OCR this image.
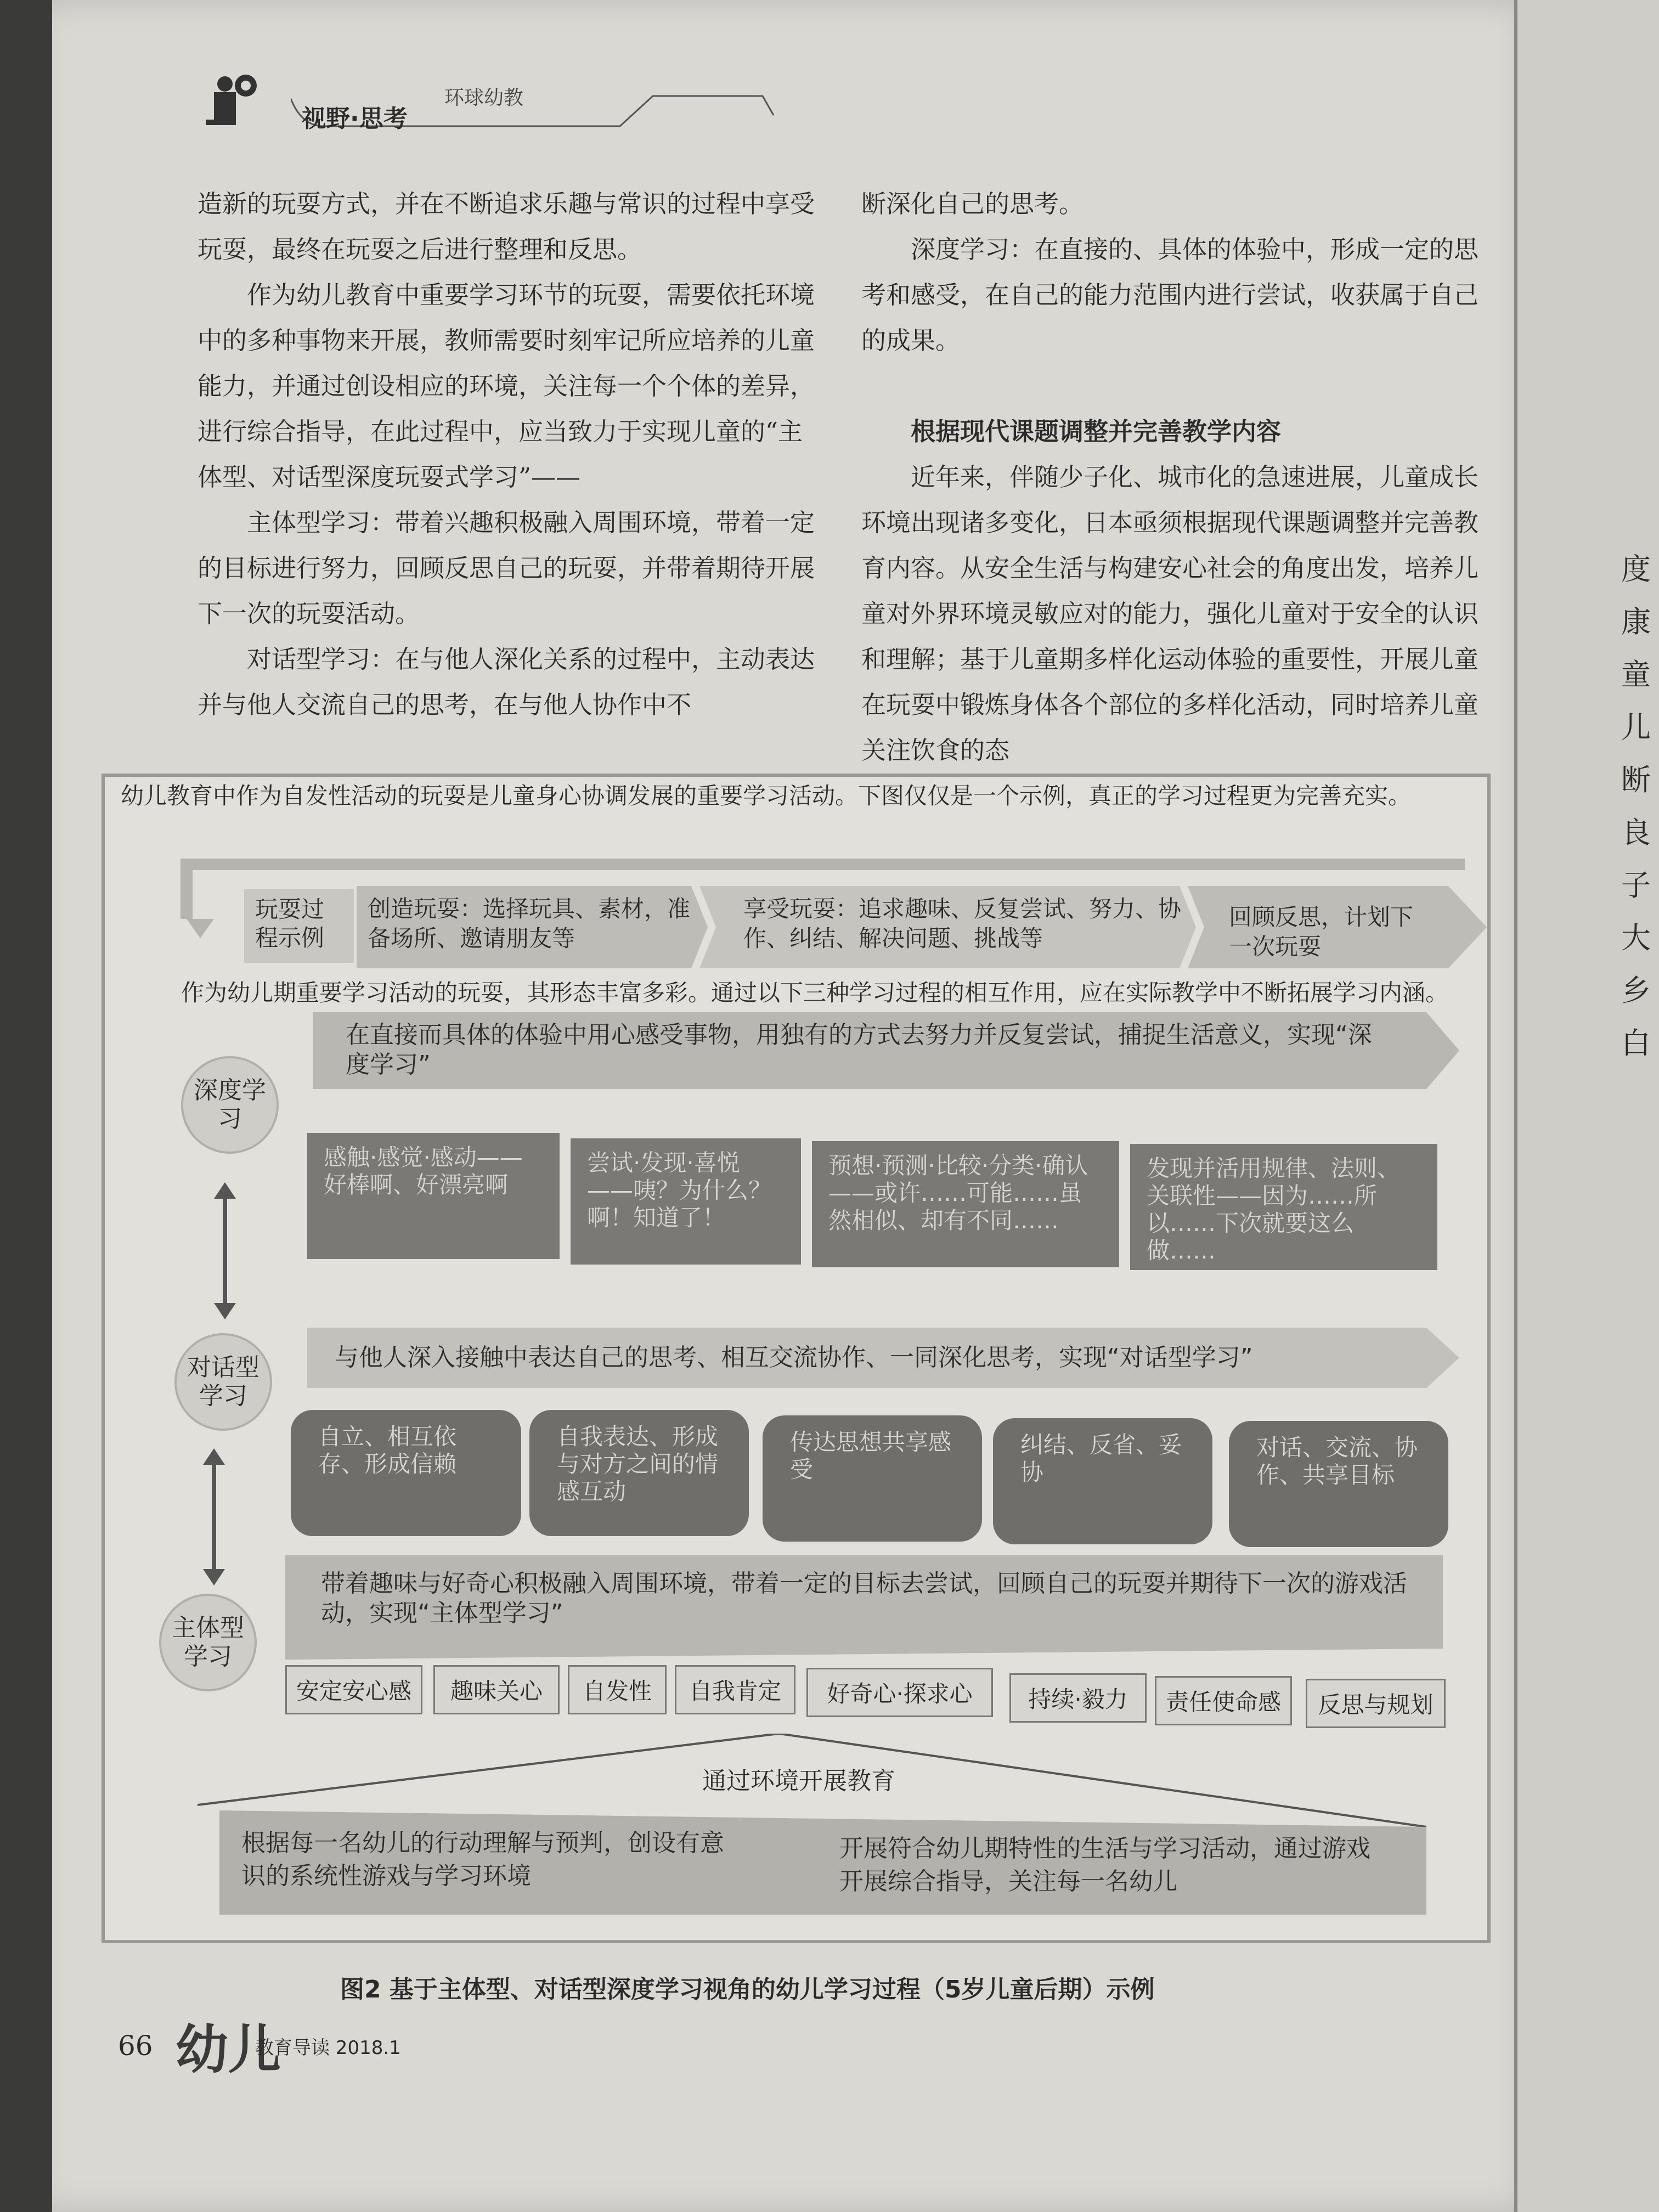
度
康
童
儿
断
良
子
大
乡
白
视野·思考
环球幼教

造新的玩耍方式，并在不断追求乐趣与常识的过程中享受玩耍，最终在玩耍之后进行整理和反思。

作为幼儿教育中重要学习环节的玩耍，需要依托环境中的多种事物来开展，教师需要时刻牢记所应培养的儿童能力，并通过创设相应的环境，关注每一个个体的差异，进行综合指导，在此过程中，应当致力于实现儿童的“主体型、对话型深度玩耍式学习”——

主体型学习：带着兴趣积极融入周围环境，带着一定的目标进行努力，回顾反思自己的玩耍，并带着期待开展下一次的玩耍活动。

对话型学习：在与他人深化关系的过程中，主动表达并与他人交流自己的思考，在与他人协作中不

断深化自己的思考。

深度学习：在直接的、具体的体验中，形成一定的思考和感受，在自己的能力范围内进行尝试，收获属于自己的成果。

根据现代课题调整并完善教学内容

近年来，伴随少子化、城市化的急速进展，儿童成长环境出现诸多变化，日本亟须根据现代课题调整并完善教育内容。从安全生活与构建安心社会的角度出发，培养儿童对外界环境灵敏应对的能力，强化儿童对于安全的认识和理解；基于儿童期多样化运动体验的重要性，开展儿童在玩耍中锻炼身体各个部位的多样化活动，同时培养儿童关注饮食的态

幼儿教育中作为自发性活动的玩耍是儿童身心协调发展的重要学习活动。下图仅仅是一个示例，真正的学习过程更为完善充实。
玩耍过程示例
创造玩耍：选择玩具、素材，准备场所、邀请朋友等
享受玩耍：追求趣味、反复尝试、努力、协作、纠结、解决问题、挑战等
回顾反思，计划下一次玩耍
作为幼儿期重要学习活动的玩耍，其形态丰富多彩。通过以下三种学习过程的相互作用，应在实际教学中不断拓展学习内涵。
深度学习
对话型学习
主体型学习
在直接而具体的体验中用心感受事物，用独有的方式去努力并反复尝试，捕捉生活意义，实现“深度学习”
感触·感觉·感动——好棒啊、好漂亮啊
尝试·发现·喜悦——咦？为什么？啊！知道了！
预想·预测·比较·分类·确认——或许……可能……虽然相似、却有不同……
发现并活用规律、法则、关联性——因为……所以……下次就要这么做……
与他人深入接触中表达自己的思考、相互交流协作、一同深化思考，实现“对话型学习”
自立、相互依存、形成信赖
自我表达、形成与对方之间的情感互动
传达思想共享感受
纠结、反省、妥协
对话、交流、协作、共享目标
带着趣味与好奇心积极融入周围环境，带着一定的目标去尝试，回顾自己的玩耍并期待下一次的游戏活动，实现“主体型学习”
安定安心感	趣味关心	自发性	自我肯定	好奇心·探求心	持续·毅力	责任使命感	反思与规划
通过环境开展教育
根据每一名幼儿的行动理解与预判，创设有意识的系统性游戏与学习环境
开展符合幼儿期特性的生活与学习活动，通过游戏开展综合指导，关注每一名幼儿
图2 基于主体型、对话型深度学习视角的幼儿学习过程（5岁儿童后期）示例
66 幼儿
教育导读 2018.1
